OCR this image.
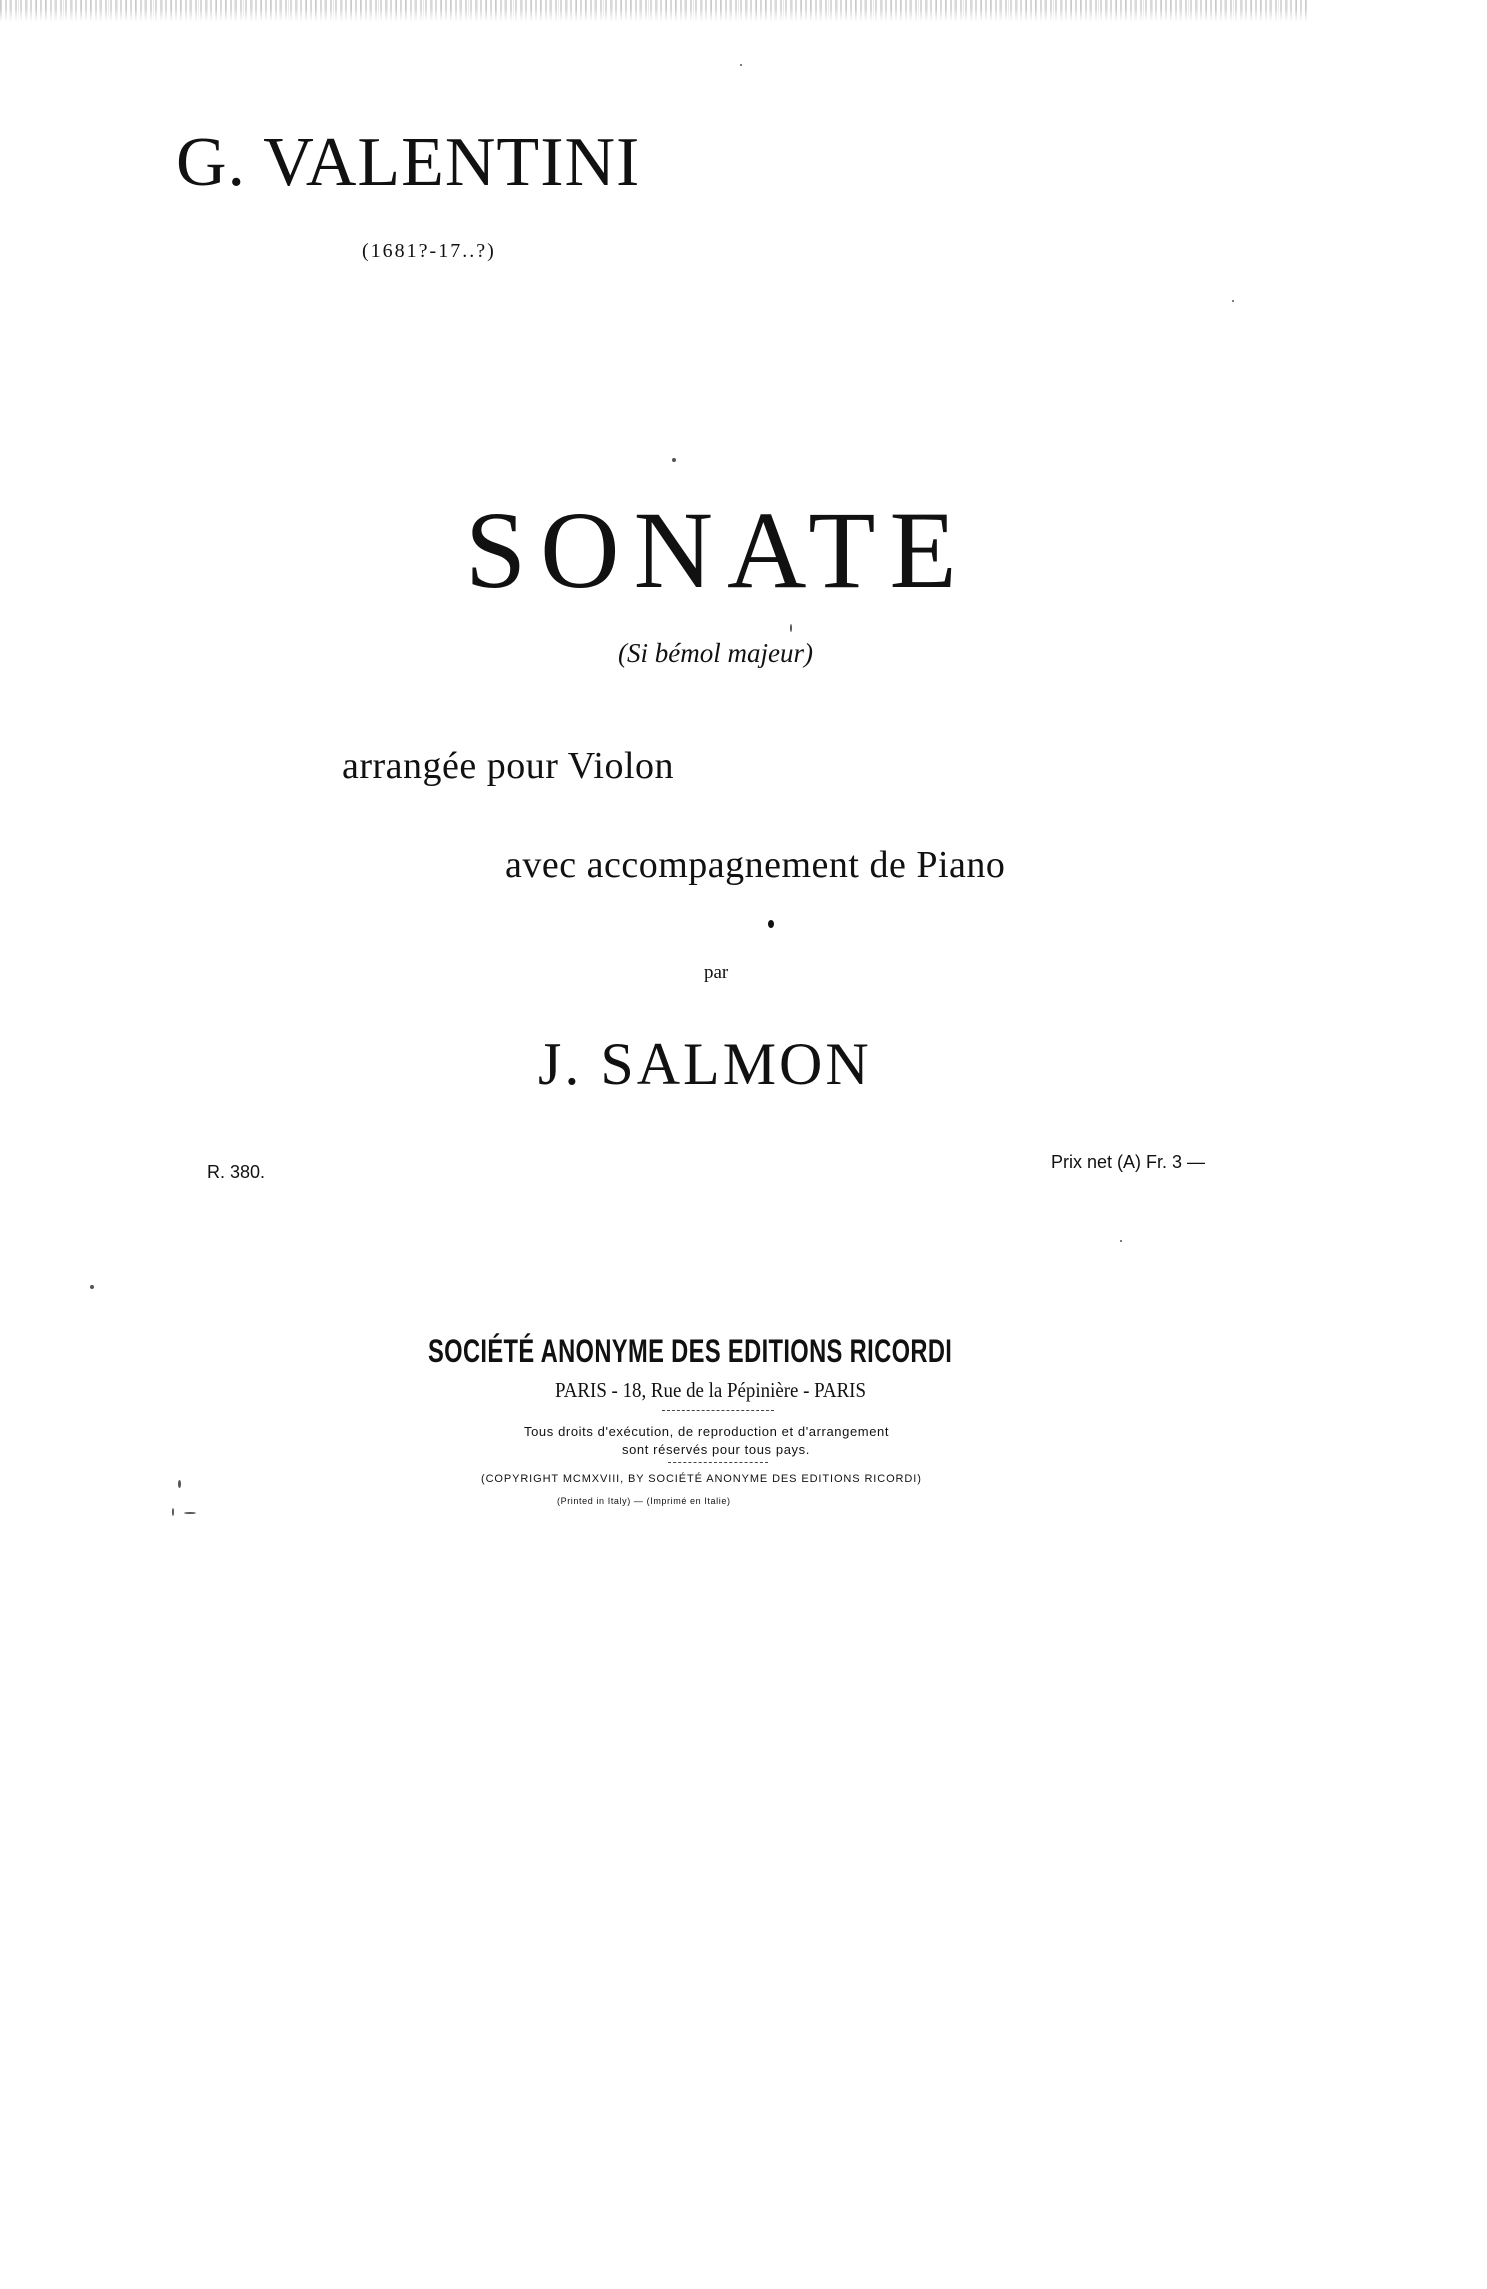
G. VALENTINI
(1681?-17..?)
SONATE
(Si bémol majeur)
arrangée pour Violon
avec accompagnement de Piano
par
J. SALMON
R. 380.	Prix net (A) Fr. 3 —
SOCIÉTÉ ANONYME DES EDITIONS RICORDI
PARIS - 18, Rue de la Pépinière - PARIS
Tous droits d'exécution, de reproduction et d'arrangement
sont réservés pour tous pays.
(COPYRIGHT MCMXVIII, BY SOCIÉTÉ ANONYME DES EDITIONS RICORDI)
(Printed in Italy) — (Imprimé en Italie)
